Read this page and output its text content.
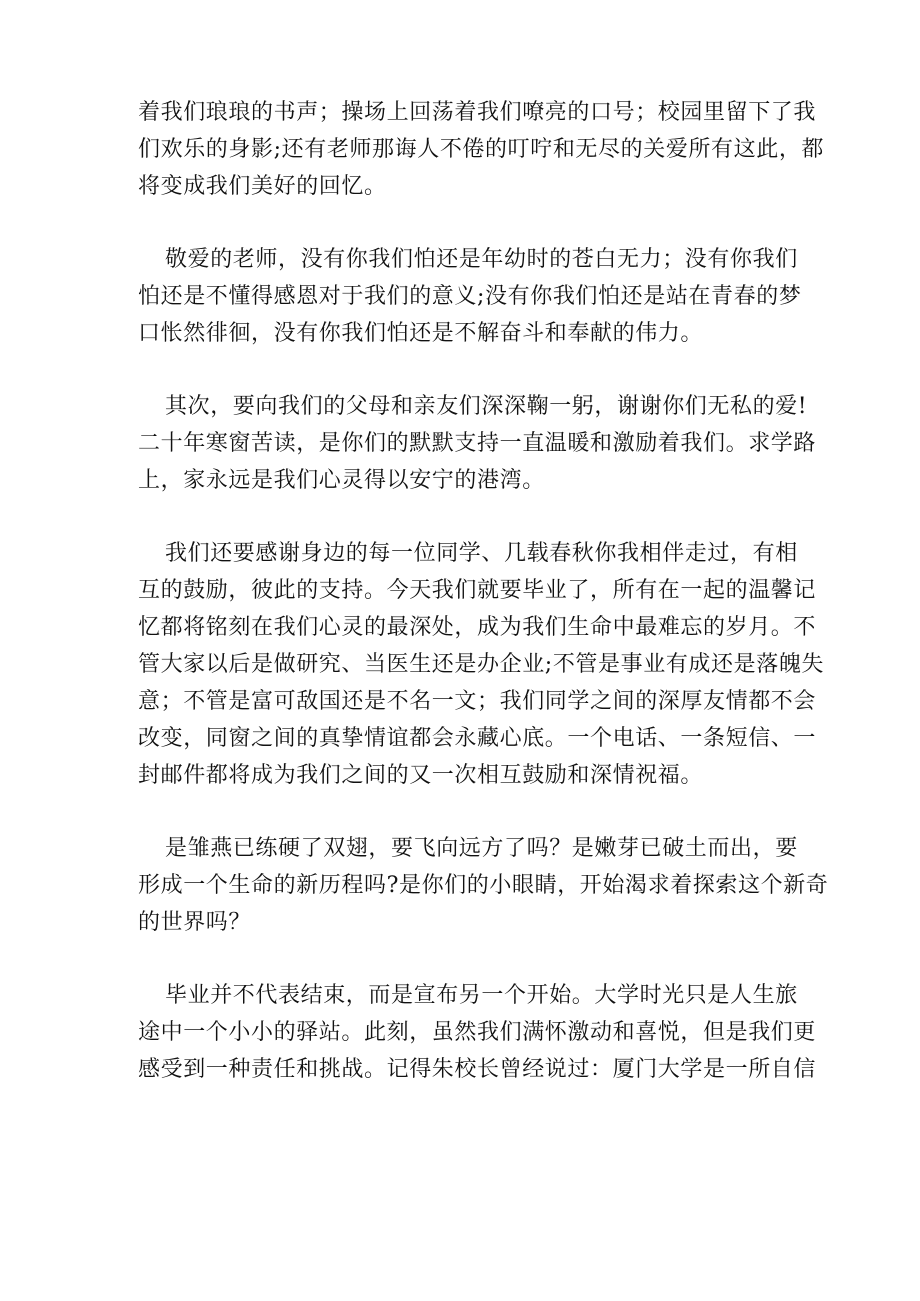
着我们琅琅的书声；操场上回荡着我们嘹亮的口号；校园里留下了我
们欢乐的身影;还有老师那诲人不倦的叮咛和无尽的关爱所有这此，都
将变成我们美好的回忆。

敬爱的老师，没有你我们怕还是年幼时的苍白无力；没有你我们
怕还是不懂得感恩对于我们的意义;没有你我们怕还是站在青春的梦
口怅然徘徊，没有你我们怕还是不解奋斗和奉献的伟力。

其次，要向我们的父母和亲友们深深鞠一躬，谢谢你们无私的爱!
二十年寒窗苦读，是你们的默默支持一直温暖和激励着我们。求学路
上，家永远是我们心灵得以安宁的港湾。

我们还要感谢身边的每一位同学、几载春秋你我相伴走过，有相
互的鼓励，彼此的支持。今天我们就要毕业了，所有在一起的温馨记
忆都将铭刻在我们心灵的最深处，成为我们生命中最难忘的岁月。不
管大家以后是做研究、当医生还是办企业;不管是事业有成还是落魄失
意；不管是富可敌国还是不名一文；我们同学之间的深厚友情都不会
改变，同窗之间的真挚情谊都会永藏心底。一个电话、一条短信、一
封邮件都将成为我们之间的又一次相互鼓励和深情祝福。

是雏燕已练硬了双翅，要飞向远方了吗？是嫩芽已破土而出，要
形成一个生命的新历程吗?是你们的小眼睛，开始渴求着探索这个新奇
的世界吗？

毕业并不代表结束，而是宣布另一个开始。大学时光只是人生旅
途中一个小小的驿站。此刻，虽然我们满怀激动和喜悦，但是我们更
感受到一种责任和挑战。记得朱校长曾经说过：厦门大学是一所自信
